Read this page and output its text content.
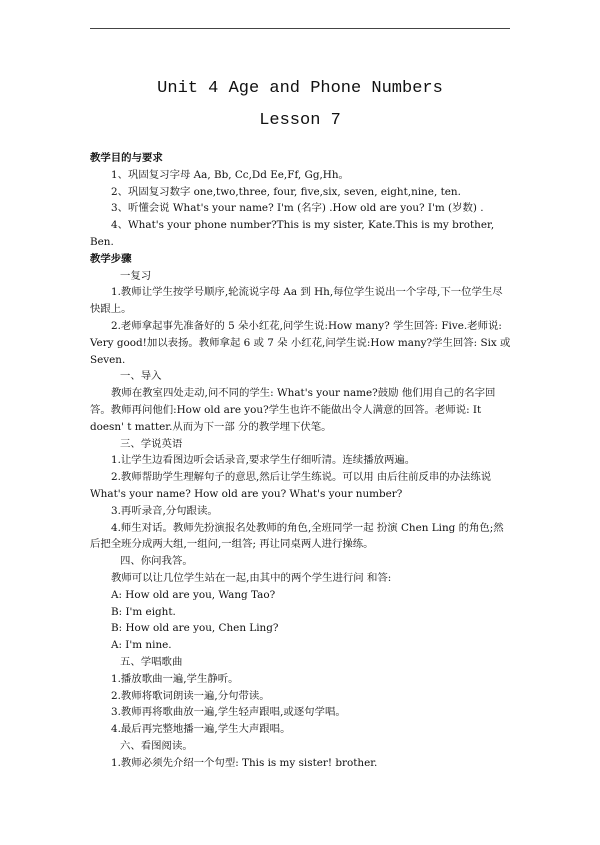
Unit 4 Age and Phone Numbers
Lesson 7

教学目的与要求

1、巩固复习字母 Aa, Bb, Cc,Dd Ee,Ff, Gg,Hh。

2、巩固复习数字 one,two,three, four, five,six, seven, eight,nine, ten.

3、听懂会说 What's your name? I'm (名字) .How old are you? I'm (岁数) .

4、What's your phone number?This is my sister, Kate.This is my brother, Ben.

教学步骤

一复习

1.教师让学生按学号顺序,轮流说字母 Aa 到 Hh,每位学生说出一个字母,下一位学生尽快跟上。

2.老师拿起事先准备好的 5 朵小红花,问学生说:How many? 学生回答: Five.老师说: Very good!加以表扬。教师拿起 6 或 7 朵 小红花,问学生说:How many?学生回答: Six 或 Seven.

一、导入

教师在教室四处走动,问不同的学生: What's your name?鼓励 他们用自己的名字回答。教师再问他们:How old are you?学生也许不能做出令人满意的回答。老师说: It doesn' t matter.从而为下一部 分的教学埋下伏笔。

三、学说英语

1.让学生边看图边听会话录音,要求学生仔细听清。连续播放两遍。

2.教师帮助学生理解句子的意思,然后让学生练说。可以用 由后往前反串的办法练说 What's your name? How old are you? What's your number?

3.再听录音,分句跟读。

4.师生对话。教师先扮演报名处教师的角色,全班同学一起 扮演 Chen Ling 的角色;然后把全班分成两大组,一组问,一组答; 再让同桌两人进行操练。

四、你问我答。

教师可以让几位学生站在一起,由其中的两个学生进行问 和答:

A: How old are you, Wang Tao?

B: I'm eight.

B: How old are you, Chen Ling?

A: I'm nine.

五、学唱歌曲

1.播放歌曲一遍,学生静听。

2.教师将歌词朗读一遍,分句带读。

3.教师再将歌曲放一遍,学生轻声跟唱,或逐句学唱。

4.最后再完整地播一遍,学生大声跟唱。

六、看图阅读。

1.教师必须先介绍一个句型: This is my sister! brother.
